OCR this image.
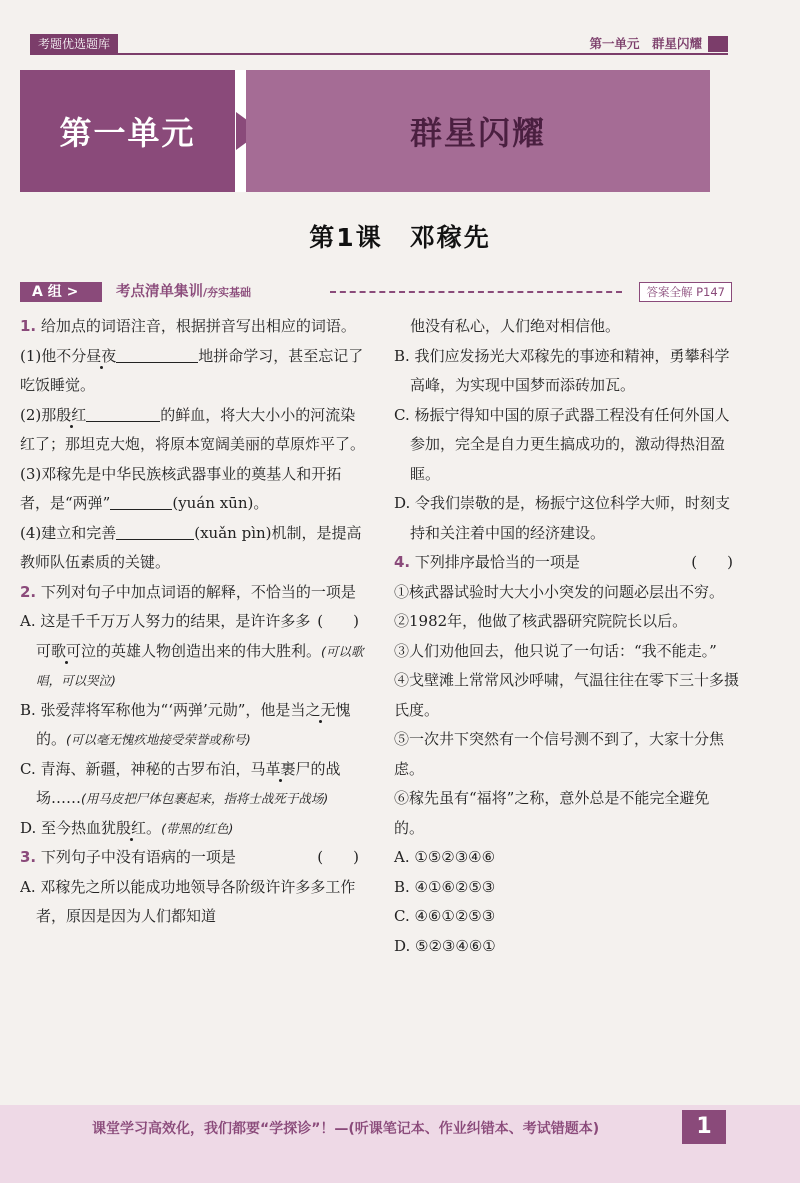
考题优选题库	第一单元　群星闪耀
第一单元	群星闪耀
第1课　邓稼先
A 组 >	考点清单集训/夯实基础	答案全解 P147
1. 给加点的词语注音，根据拼音写出相应的词语。
(1)他不分昼夜	地拼命学习，甚至忘记了吃饭睡觉。
(2)那殷红	的鲜血，将大大小小的河流染红了；那坦克大炮，将原本宽阔美丽的草原炸平了。
(3)邓稼先是中华民族核武器事业的奠基人和开拓者，是“两弹”	(yuán xūn)。
(4)建立和完善	(xuǎn pìn)机制，是提高教师队伍素质的关键。
2. 下列对句子中加点词语的解释，不恰当的一项是
(　　)
A. 这是千千万万人努力的结果，是许许多多可歌可泣的英雄人物创造出来的伟大胜利。(可以歌唱，可以哭泣)
B. 张爱萍将军称他为“‘两弹’元勋”，他是当之无愧的。(可以毫无愧疚地接受荣誉或称号)
C. 青海、新疆，神秘的古罗布泊，马革裹尸的战场……(用马皮把尸体包裹起来，指将士战死于战场)
D. 至今热血犹殷红。(带黑的红色)
3. 下列句子中没有语病的一项是	(　　)
A. 邓稼先之所以能成功地领导各阶级许许多多工作者，原因是因为人们都知道
他没有私心，人们绝对相信他。
B. 我们应发扬光大邓稼先的事迹和精神，勇攀科学高峰，为实现中国梦而添砖加瓦。
C. 杨振宁得知中国的原子武器工程没有任何外国人参加，完全是自力更生搞成功的，激动得热泪盈眶。
D. 令我们崇敬的是，杨振宁这位科学大师，时刻支持和关注着中国的经济建设。
4. 下列排序最恰当的一项是	(　　)
①核武器试验时大大小小突发的问题必层出不穷。
②1982年，他做了核武器研究院院长以后。
③人们劝他回去，他只说了一句话：“我不能走。”
④戈壁滩上常常风沙呼啸，气温往往在零下三十多摄氏度。
⑤一次井下突然有一个信号测不到了，大家十分焦虑。
⑥稼先虽有“福将”之称，意外总是不能完全避免的。
A. ①⑤②③④⑥
B. ④①⑥②⑤③
C. ④⑥①②⑤③
D. ⑤②③④⑥①
课堂学习高效化，我们都要“学探诊”！—(听课笔记本、作业纠错本、考试错题本)	1
